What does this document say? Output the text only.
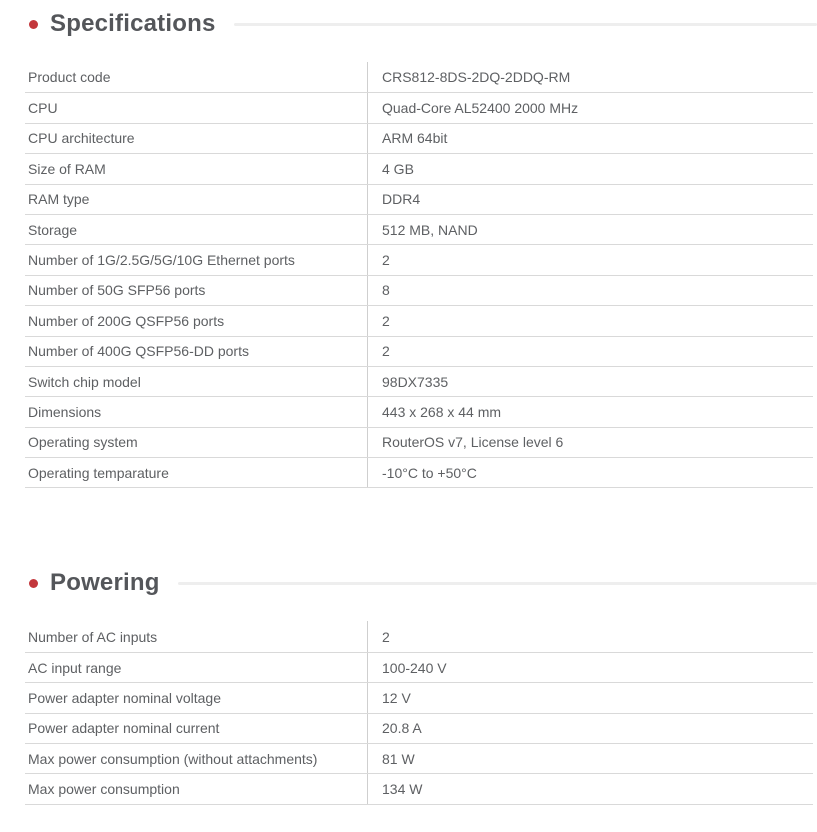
Specifications
Product code	CRS812-8DS-2DQ-2DDQ-RM
CPU	Quad-Core AL52400 2000 MHz
CPU architecture	ARM 64bit
Size of RAM	4 GB
RAM type	DDR4
Storage	512 MB, NAND
Number of 1G/2.5G/5G/10G Ethernet ports	2
Number of 50G SFP56 ports	8
Number of 200G QSFP56 ports	2
Number of 400G QSFP56-DD ports	2
Switch chip model	98DX7335
Dimensions	443 x 268 x 44 mm
Operating system	RouterOS v7, License level 6
Operating temparature	-10°C to +50°C
Powering
Number of AC inputs	2
AC input range	100-240 V
Power adapter nominal voltage	12 V
Power adapter nominal current	20.8 A
Max power consumption (without attachments)	81 W
Max power consumption	134 W
